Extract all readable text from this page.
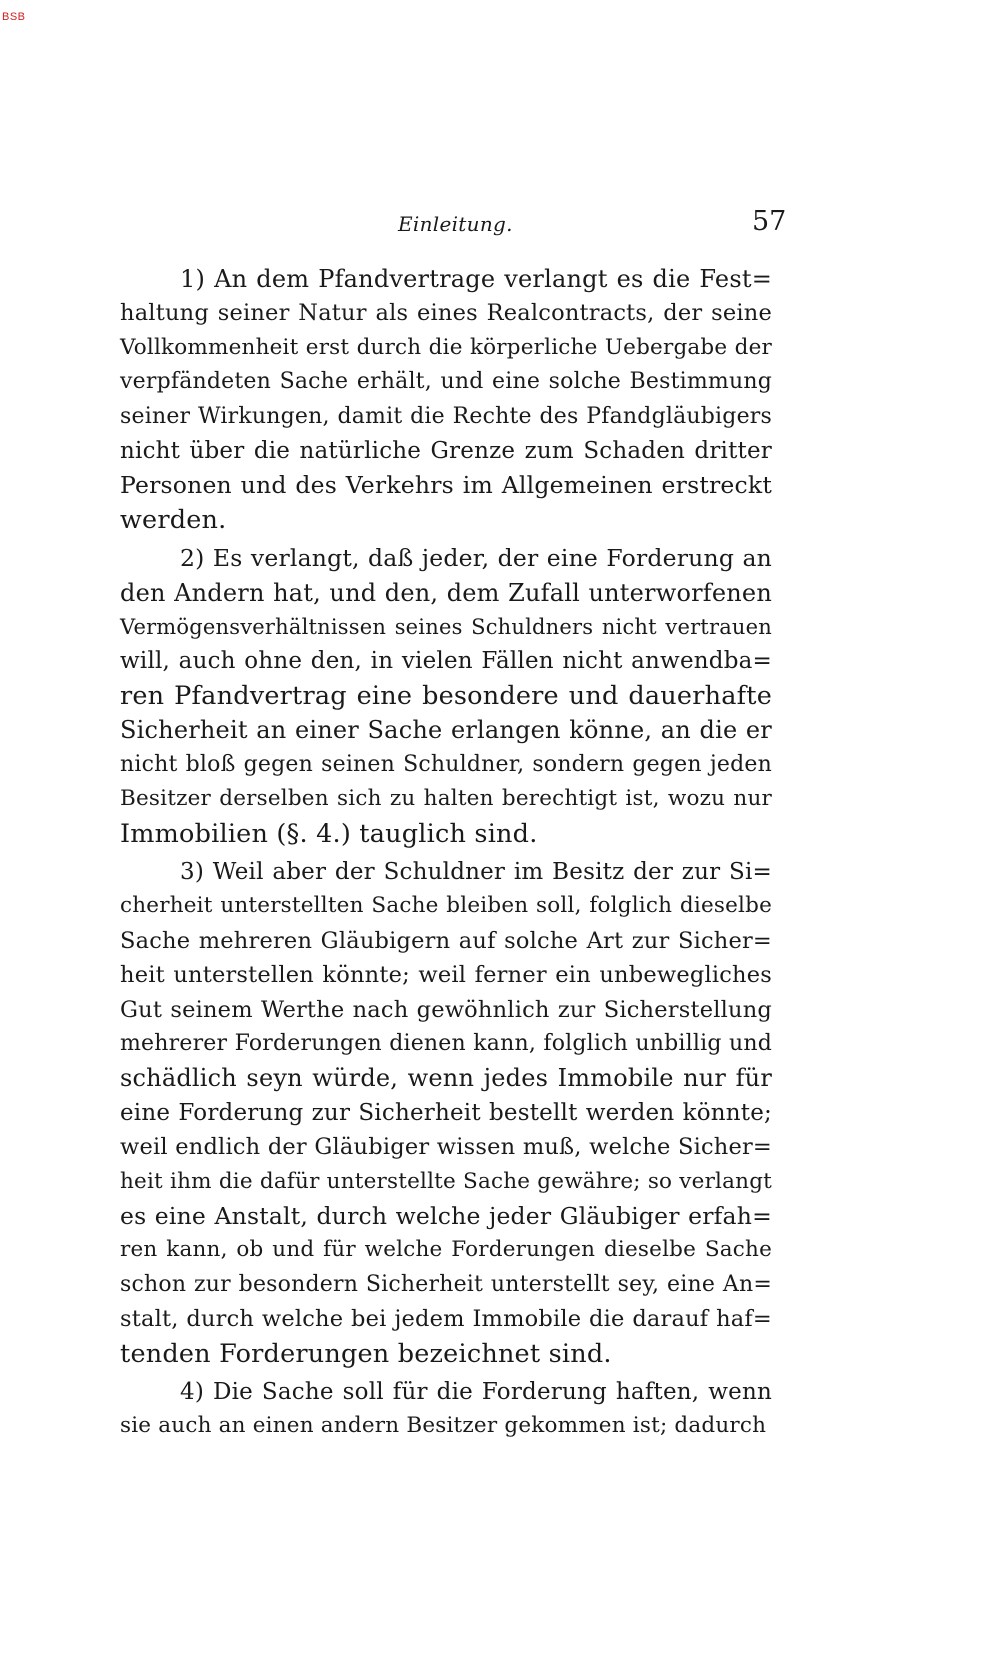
BSB
Einleitung.	57
1) An dem Pfandvertrage verlangt es die Fest=
haltung seiner Natur als eines Realcontracts, der seine
Vollkommenheit erst durch die körperliche Uebergabe der
verpfändeten Sache erhält, und eine solche Bestimmung
seiner Wirkungen, damit die Rechte des Pfandgläubigers
nicht über die natürliche Grenze zum Schaden dritter
Personen und des Verkehrs im Allgemeinen erstreckt
werden.
2) Es verlangt, daß jeder, der eine Forderung an
den Andern hat, und den, dem Zufall unterworfenen
Vermögensverhältnissen seines Schuldners nicht vertrauen
will, auch ohne den, in vielen Fällen nicht anwendba=
ren Pfandvertrag eine besondere und dauerhafte
Sicherheit an einer Sache erlangen könne, an die er
nicht bloß gegen seinen Schuldner, sondern gegen jeden
Besitzer derselben sich zu halten berechtigt ist, wozu nur
Immobilien (§. 4.) tauglich sind.
3) Weil aber der Schuldner im Besitz der zur Si=
cherheit unterstellten Sache bleiben soll, folglich dieselbe
Sache mehreren Gläubigern auf solche Art zur Sicher=
heit unterstellen könnte; weil ferner ein unbewegliches
Gut seinem Werthe nach gewöhnlich zur Sicherstellung
mehrerer Forderungen dienen kann, folglich unbillig und
schädlich seyn würde, wenn jedes Immobile nur für
eine Forderung zur Sicherheit bestellt werden könnte;
weil endlich der Gläubiger wissen muß, welche Sicher=
heit ihm die dafür unterstellte Sache gewähre; so verlangt
es eine Anstalt, durch welche jeder Gläubiger erfah=
ren kann, ob und für welche Forderungen dieselbe Sache
schon zur besondern Sicherheit unterstellt sey, eine An=
stalt, durch welche bei jedem Immobile die darauf haf=
tenden Forderungen bezeichnet sind.
4) Die Sache soll für die Forderung haften, wenn
sie auch an einen andern Besitzer gekommen ist; dadurch
